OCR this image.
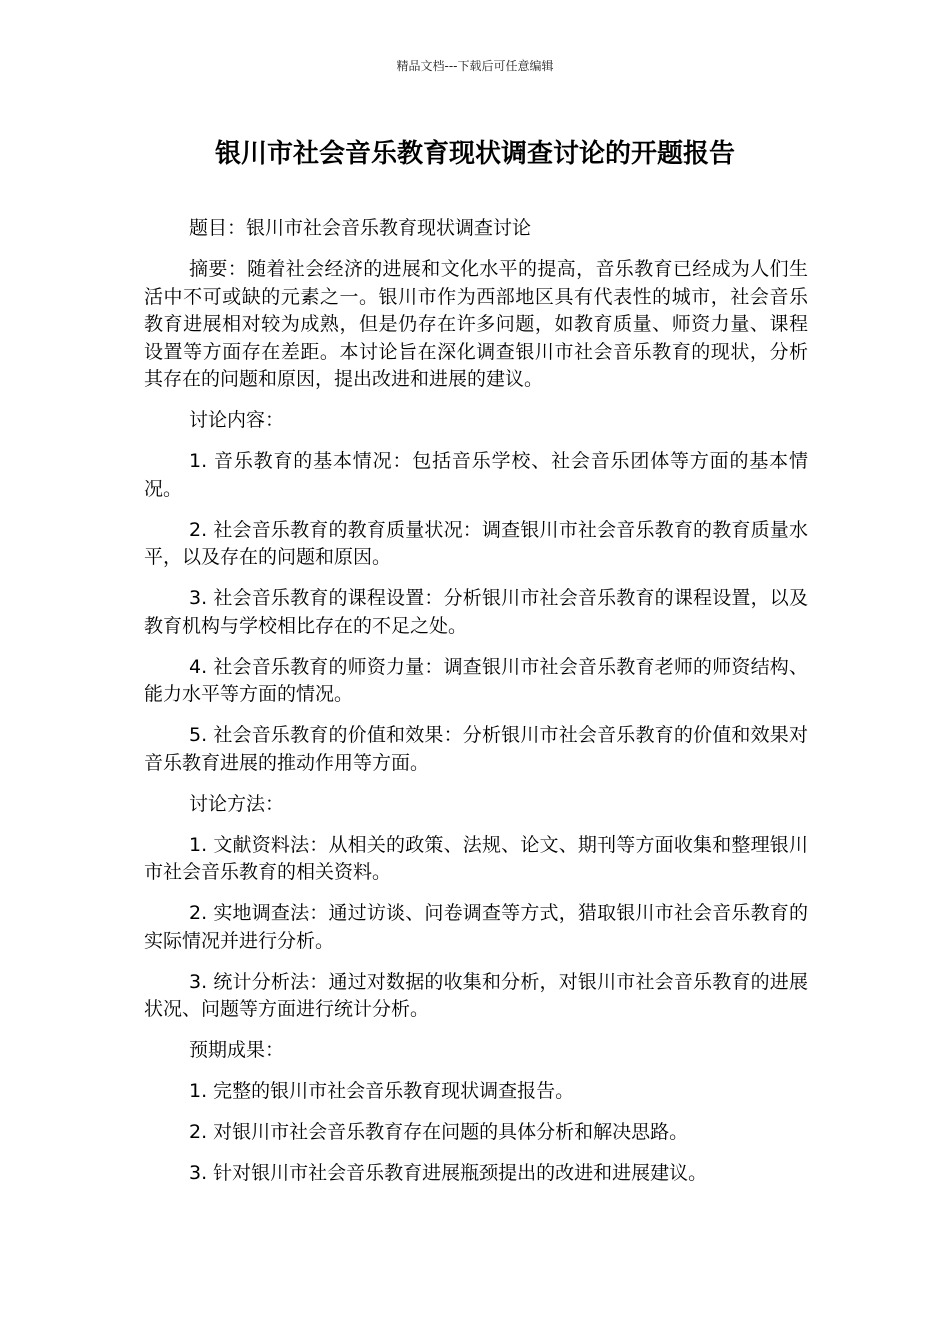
精品文档---下载后可任意编辑
银川市社会音乐教育现状调查讨论的开题报告

题目：银川市社会音乐教育现状调查讨论

摘要：随着社会经济的进展和文化水平的提高，音乐教育已经成为人们生活中不可或缺的元素之一。银川市作为西部地区具有代表性的城市，社会音乐教育进展相对较为成熟，但是仍存在许多问题，如教育质量、师资力量、课程设置等方面存在差距。本讨论旨在深化调查银川市社会音乐教育的现状，分析其存在的问题和原因，提出改进和进展的建议。

讨论内容：

1. 音乐教育的基本情况：包括音乐学校、社会音乐团体等方面的基本情况。

2. 社会音乐教育的教育质量状况：调查银川市社会音乐教育的教育质量水平，以及存在的问题和原因。

3. 社会音乐教育的课程设置：分析银川市社会音乐教育的课程设置，以及教育机构与学校相比存在的不足之处。

4. 社会音乐教育的师资力量：调查银川市社会音乐教育老师的师资结构、能力水平等方面的情况。

5. 社会音乐教育的价值和效果：分析银川市社会音乐教育的价值和效果对音乐教育进展的推动作用等方面。

讨论方法：

1. 文献资料法：从相关的政策、法规、论文、期刊等方面收集和整理银川市社会音乐教育的相关资料。

2. 实地调查法：通过访谈、问卷调查等方式，猎取银川市社会音乐教育的实际情况并进行分析。

3. 统计分析法：通过对数据的收集和分析，对银川市社会音乐教育的进展状况、问题等方面进行统计分析。

预期成果：

1. 完整的银川市社会音乐教育现状调查报告。

2. 对银川市社会音乐教育存在问题的具体分析和解决思路。

3. 针对银川市社会音乐教育进展瓶颈提出的改进和进展建议。
